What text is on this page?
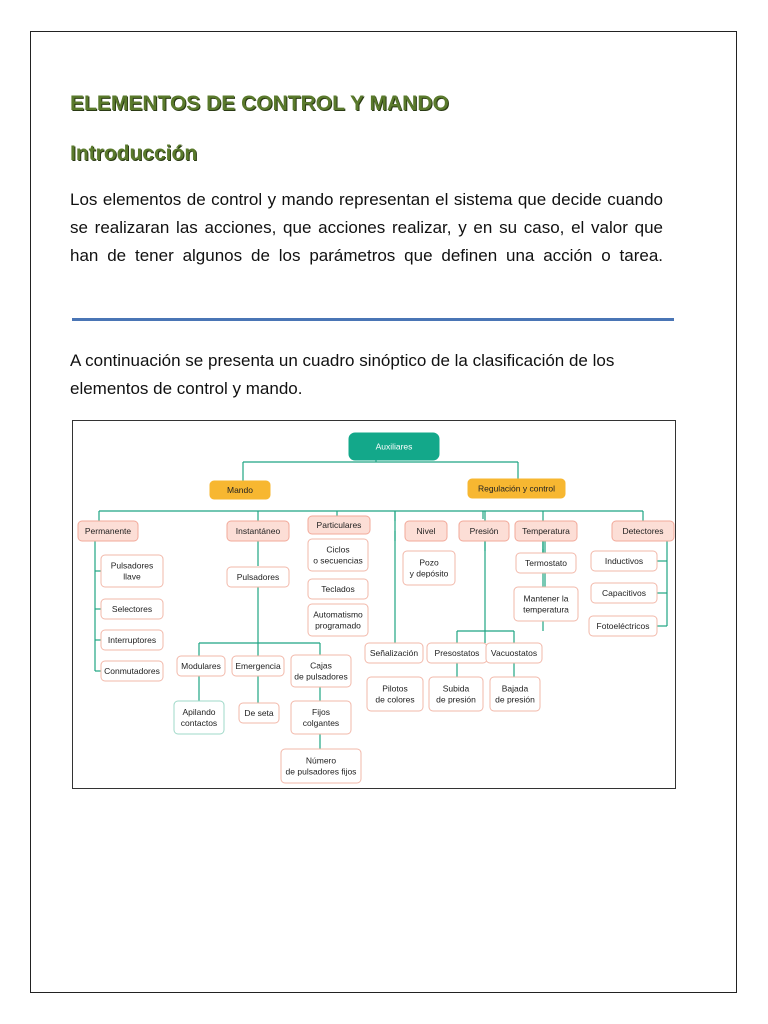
ELEMENTOS DE CONTROL Y MANDO
Introducción

Los elementos de control y mando representan el sistema que decide cuando se realizaran las acciones, que acciones realizar, y en su caso, el valor que han de tener algunos de los parámetros que definen una acción o tarea.

A continuación se presenta un cuadro sinóptico de la clasificación de los elementos de control y mando.

Auxiliares
Mando	Regulación y control
Permanente	Instantáneo
Particulares
Nivel	Presión	Temperatura	Detectores
Pulsadores
llave
Selectores
Interruptores
Conmutadores
Pulsadores
Ciclos
o secuencias
Teclados
Automatismo
programado
Modulares Emergencia	Cajas
de pulsadores
Apilando
contactos
De seta	Fijos
colgantes
Número
de pulsadores fijos
Pozo
y depósito
Señalización
Pilotos
de colores
Presostatos Vacuostatos
Subida
de presión
Bajada
de presión
Termostato
Mantener la
temperatura
Inductivos
Capacitivos
Fotoeléctricos
